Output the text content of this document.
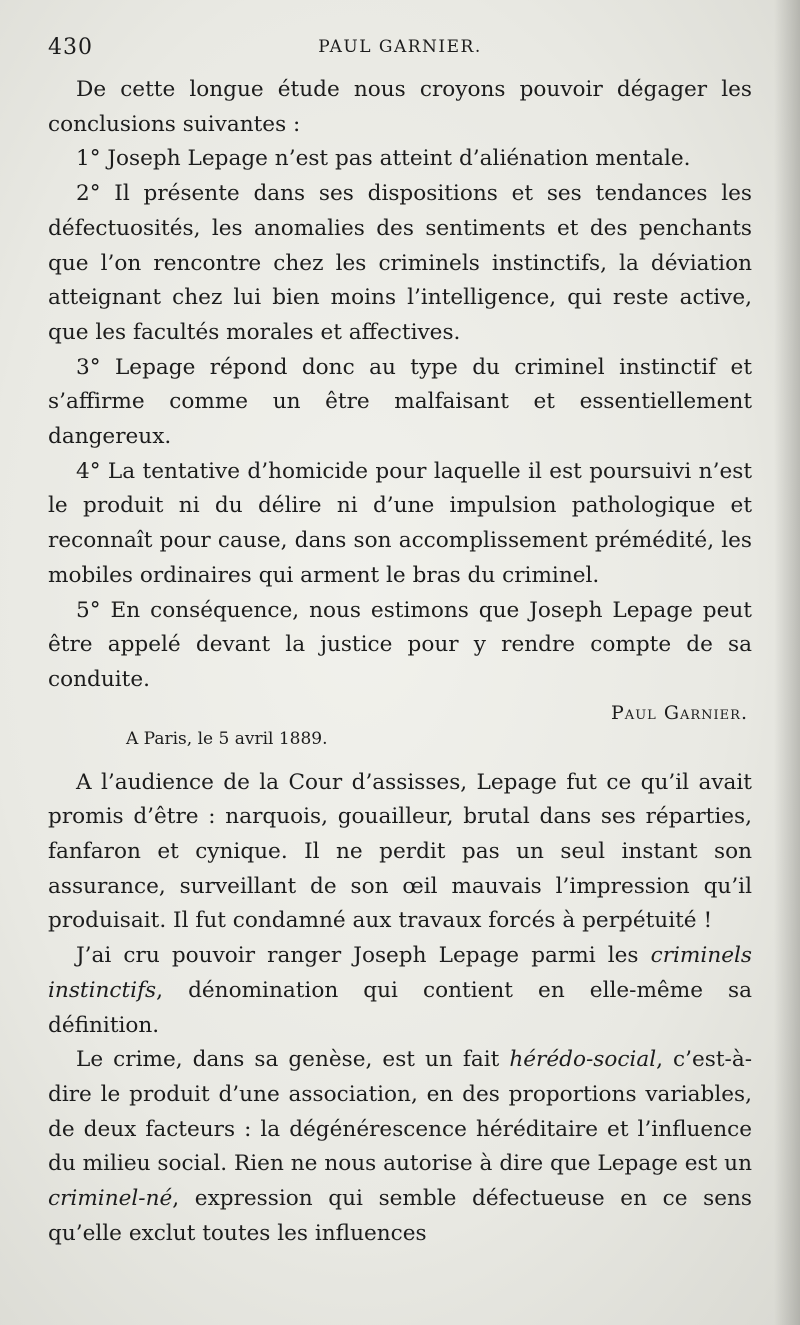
430	PAUL GARNIER.

De cette longue étude nous croyons pouvoir dégager les conclusions suivantes :

1° Joseph Lepage n’est pas atteint d’aliénation mentale.

2° Il présente dans ses dispositions et ses tendances les défectuosités, les anomalies des sentiments et des penchants que l’on rencontre chez les criminels instinctifs, la déviation atteignant chez lui bien moins l’intelligence, qui reste active, que les facultés morales et affectives.

3° Lepage répond donc au type du criminel instinctif et s’affirme comme un être malfaisant et essentiellement dangereux.

4° La tentative d’homicide pour laquelle il est poursuivi n’est le produit ni du délire ni d’une impulsion pathologique et reconnaît pour cause, dans son accomplissement prémédité, les mobiles ordinaires qui arment le bras du criminel.

5° En conséquence, nous estimons que Joseph Lepage peut être appelé devant la justice pour y rendre compte de sa conduite.

Paul Garnier.
A Paris, le 5 avril 1889.

A l’audience de la Cour d’assisses, Lepage fut ce qu’il avait promis d’être : narquois, gouailleur, brutal dans ses réparties, fanfaron et cynique. Il ne perdit pas un seul instant son assurance, surveillant de son œil mauvais l’impression qu’il produisait. Il fut condamné aux travaux forcés à perpétuité !

J’ai cru pouvoir ranger Joseph Lepage parmi les criminels instinctifs, dénomination qui contient en elle-même sa définition.

Le crime, dans sa genèse, est un fait hérédo-social, c’est-à-dire le produit d’une association, en des proportions variables, de deux facteurs : la dégénérescence héréditaire et l’influence du milieu social. Rien ne nous autorise à dire que Lepage est un criminel-né, expression qui semble défectueuse en ce sens qu’elle exclut toutes les influences
